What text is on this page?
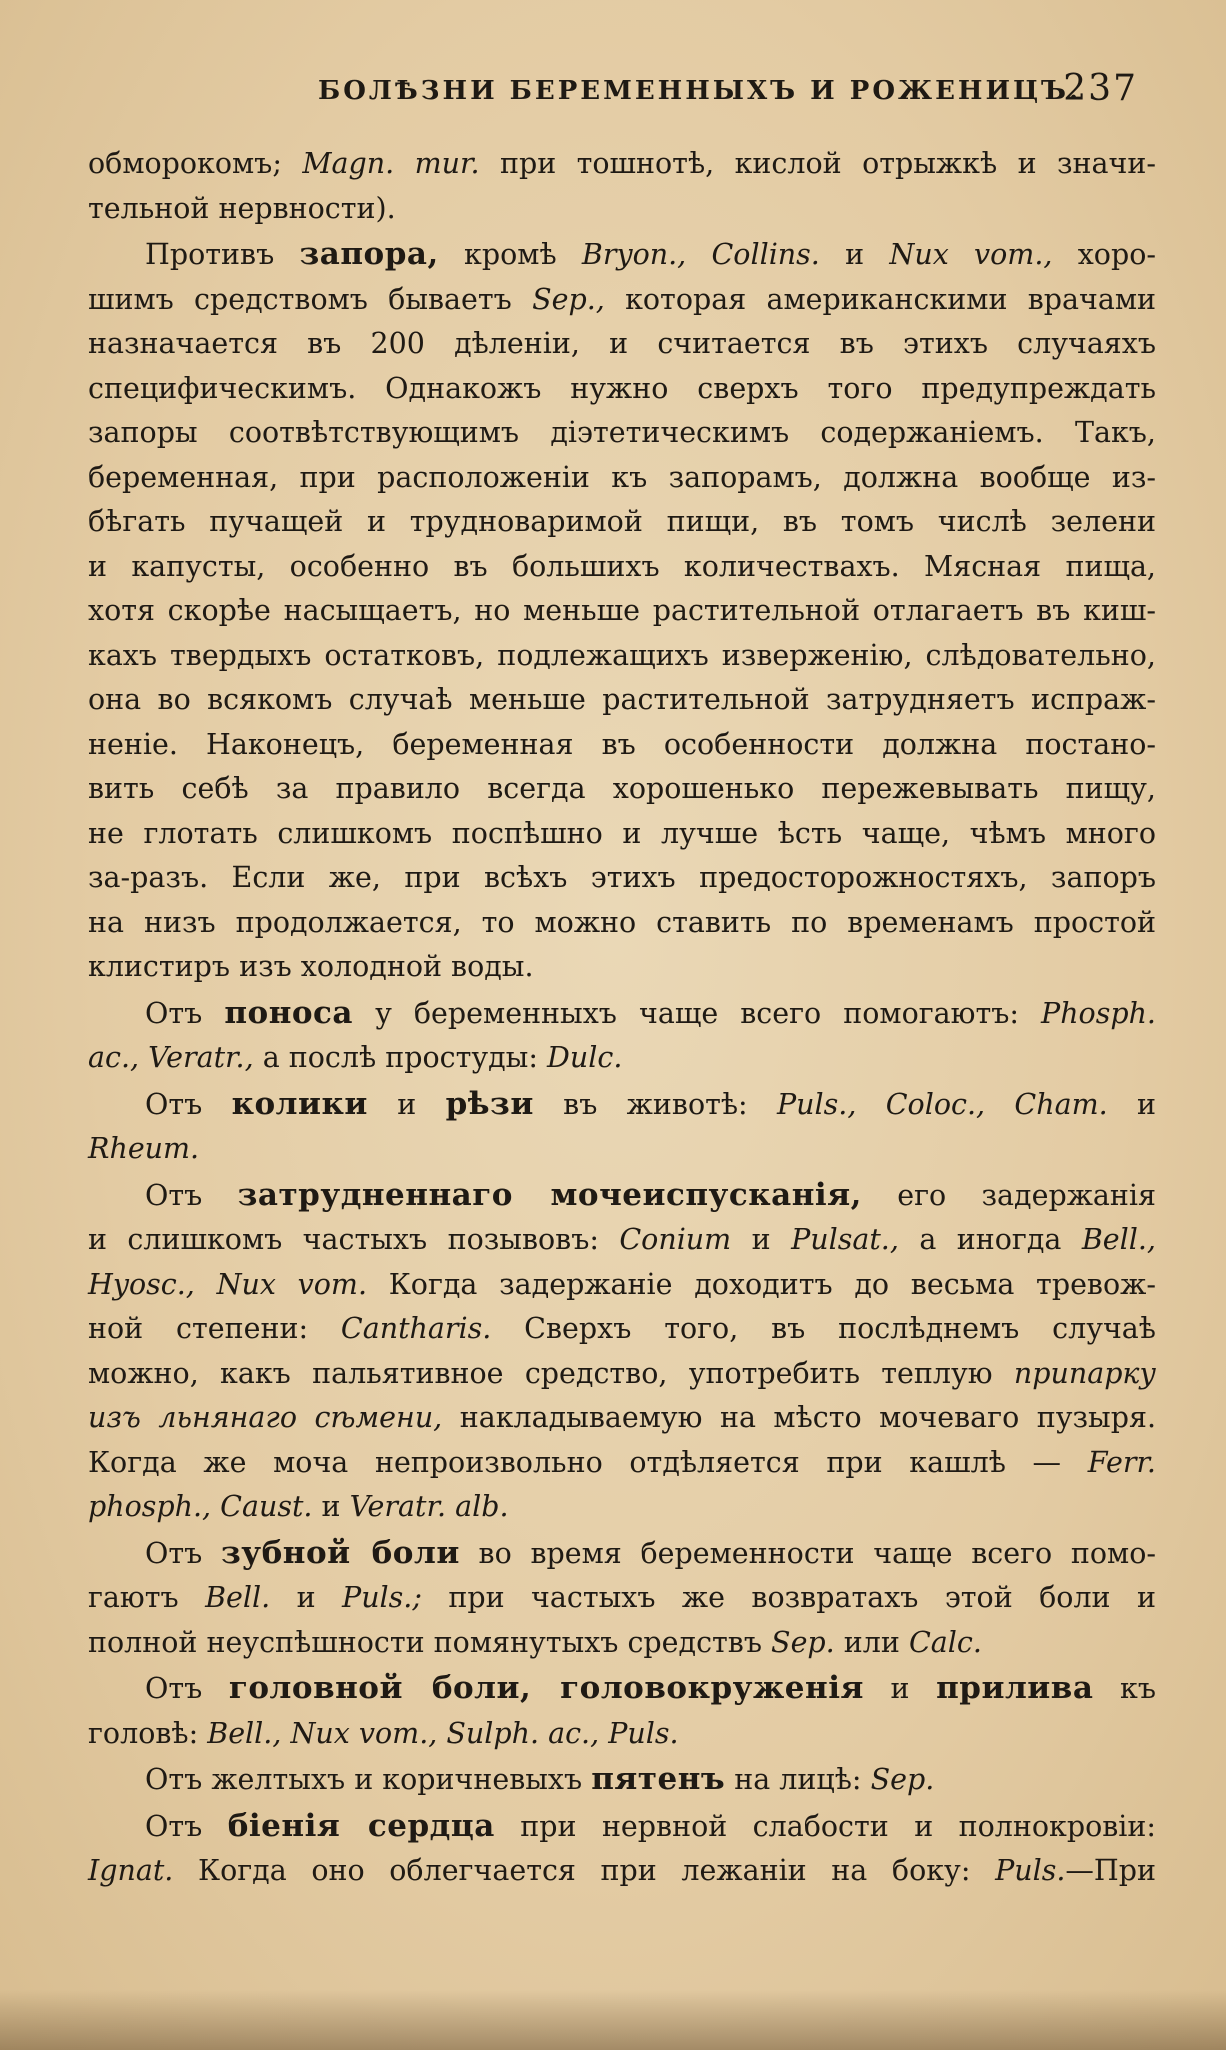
БОЛѢЗНИ БЕРЕМЕННЫХЪ И РОЖЕНИЦЪ.
237

обморокомъ; Magn. mur. при тошнотѣ, кислой отрыжкѣ и значи-
тельной нервности).

Противъ запора, кромѣ Bryon., Collins. и Nux vom., хоро-
шимъ средствомъ бываетъ Sep., которая американскими врачами
назначается въ 200 дѣленіи, и считается въ этихъ случаяхъ
специфическимъ. Однакожъ нужно сверхъ того предупреждать
запоры соотвѣтствующимъ діэтетическимъ содержаніемъ. Такъ,
беременная, при расположеніи къ запорамъ, должна вообще из-
бѣгать пучащей и трудноваримой пищи, въ томъ числѣ зелени
и капусты, особенно въ большихъ количествахъ. Мясная пища,
хотя скорѣе насыщаетъ, но меньше растительной отлагаетъ въ киш-
кахъ твердыхъ остатковъ, подлежащихъ изверженію, слѣдовательно,
она во всякомъ случаѣ меньше растительной затрудняетъ испраж-
неніе. Наконецъ, беременная въ особенности должна постано-
вить себѣ за правило всегда хорошенько пережевывать пищу,
не глотать слишкомъ поспѣшно и лучше ѣсть чаще, чѣмъ много
за-разъ. Если же, при всѣхъ этихъ предосторожностяхъ, запоръ
на низъ продолжается, то можно ставить по временамъ простой
клистиръ изъ холодной воды.

Отъ поноса у беременныхъ чаще всего помогаютъ: Phosph.
ac., Veratr., а послѣ простуды: Dulc.

Отъ колики и рѣзи въ животѣ: Puls., Coloc., Cham. и
Rheum.

Отъ затрудненнаго мочеиспусканія, его задержанія
и слишкомъ частыхъ позывовъ: Conium и Pulsat., а иногда Bell.,
Hyosc., Nux vom. Когда задержаніе доходитъ до весьма тревож-
ной степени: Cantharis. Сверхъ того, въ послѣднемъ случаѣ
можно, какъ пальятивное средство, употребить теплую припарку
изъ льнянаго сѣмени, накладываемую на мѣсто мочеваго пузыря.
Когда же моча непроизвольно отдѣляется при кашлѣ — Ferr.
phosph., Caust. и Veratr. alb.

Отъ зубной боли во время беременности чаще всего помо-
гаютъ Bell. и Puls.; при частыхъ же возвратахъ этой боли и
полной неуспѣшности помянутыхъ средствъ Sep. или Calc.

Отъ головной боли, головокруженія и прилива къ
головѣ: Bell., Nux vom., Sulph. ac., Puls.

Отъ желтыхъ и коричневыхъ пятенъ на лицѣ: Sep.

Отъ біенія сердца при нервной слабости и полнокровіи:
Ignat. Когда оно облегчается при лежаніи на боку: Puls.—При
